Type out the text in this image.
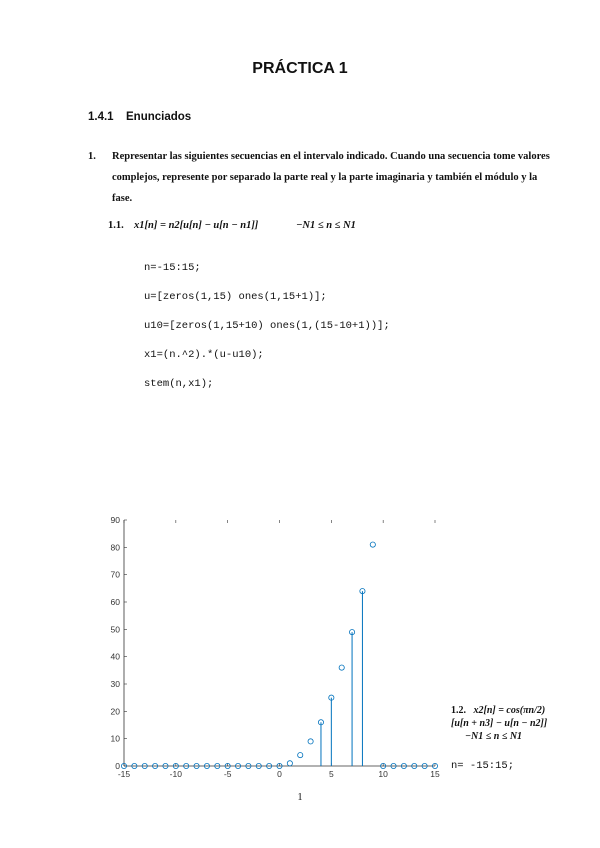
PRÁCTICA 1
1.4.1 Enunciados
1. Representar las siguientes secuencias en el intervalo indicado. Cuando una secuencia tome valores complejos, represente por separado la parte real y la parte imaginaria y también el módulo y la fase.
1.1. x1[n] = n2[u[n] − u[n − n1]]	−N1 ≤ n ≤ N1
n=-15:15;
u=[zeros(1,15) ones(1,15+1)];
u10=[zeros(1,15+10) ones(1,(15-10+1))];
x1=(n.^2).*(u-u10);
stem(n,x1);
0
10
20
30
40
50
60
70
80
90
-15	-10	-5	0	5	10	15
1.2. x2[n] = cos(πn/2)
[u[n + n3] − u[n − n2]]
−N1 ≤ n ≤ N1
n= -15:15;
1
